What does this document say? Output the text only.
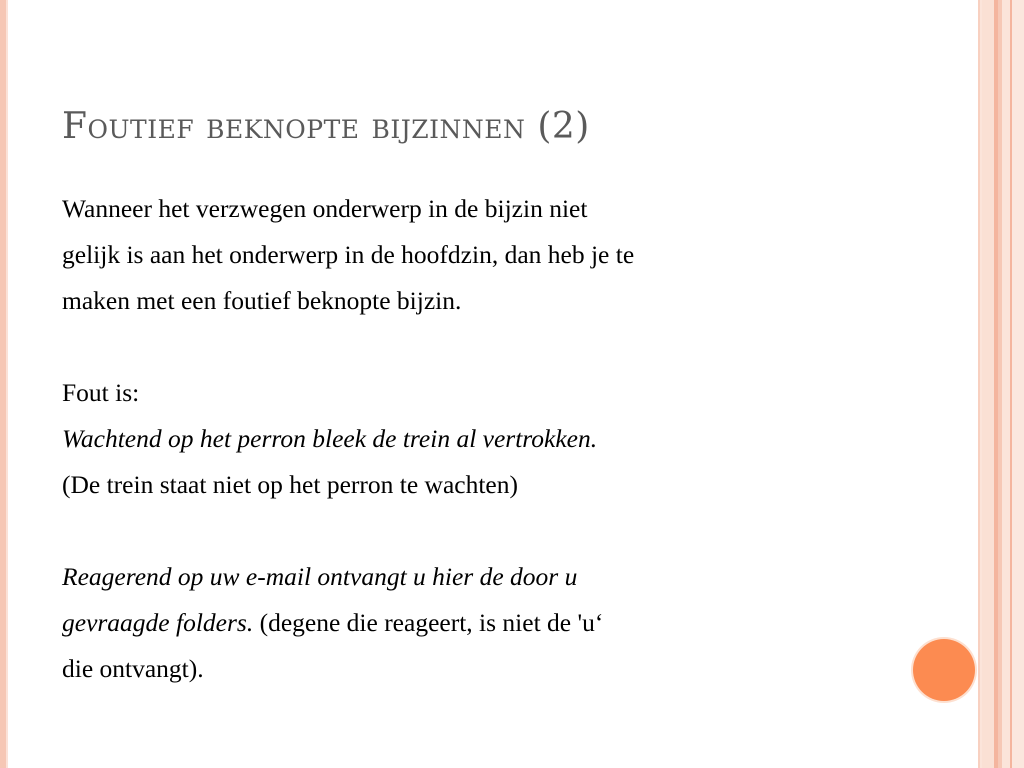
Foutief beknopte bijzinnen (2)

Wanneer het verzwegen onderwerp in de bijzin niet

gelijk is aan het onderwerp in de hoofdzin, dan heb je te

maken met een foutief beknopte bijzin.

Fout is:

Wachtend op het perron bleek de trein al vertrokken.

(De trein staat niet op het perron te wachten)

Reagerend op uw e-mail ontvangt u hier de door u

gevraagde folders. (degene die reageert, is niet de 'u‘

die ontvangt).
